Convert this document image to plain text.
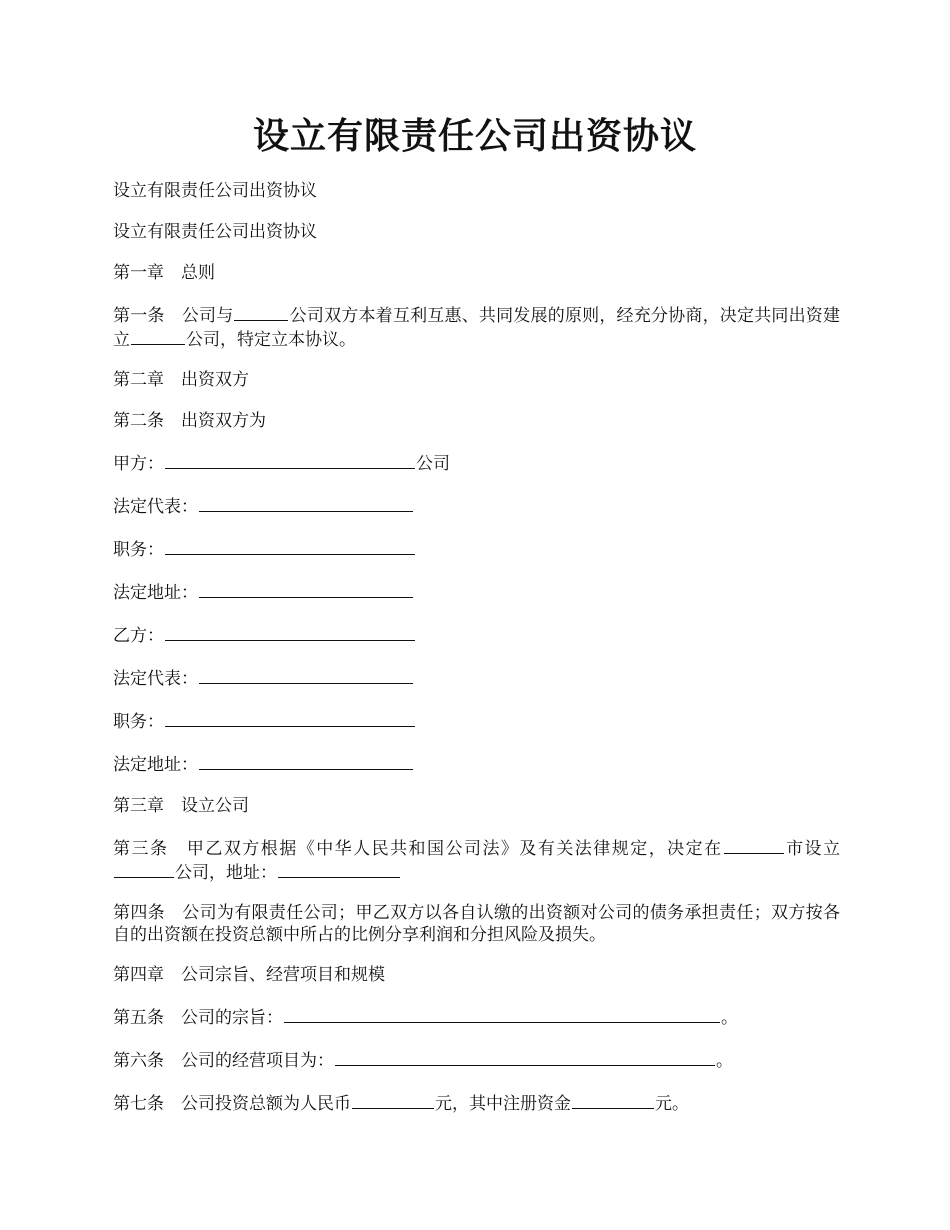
设立有限责任公司出资协议

设立有限责任公司出资协议

设立有限责任公司出资协议

第一章 总则

第一条 公司与	公司双方本着互利互惠、共同发展的原则，经充分协商，决定共同出资建立	公司，特定立本协议。

第二章 出资双方

第二条 出资双方为

甲方：	公司

法定代表：

职务：

法定地址：

乙方：

法定代表：

职务：

法定地址：

第三章 设立公司

第三条 甲乙双方根据《中华人民共和国公司法》及有关法律规定，决定在	市设立公司，地址：

第四条 公司为有限责任公司；甲乙双方以各自认缴的出资额对公司的债务承担责任；双方按各自的出资额在投资总额中所占的比例分享利润和分担风险及损失。

第四章 公司宗旨、经营项目和规模

第五条 公司的宗旨：	。

第六条 公司的经营项目为：	。

第七条 公司投资总额为人民币	元，其中注册资金	元。
